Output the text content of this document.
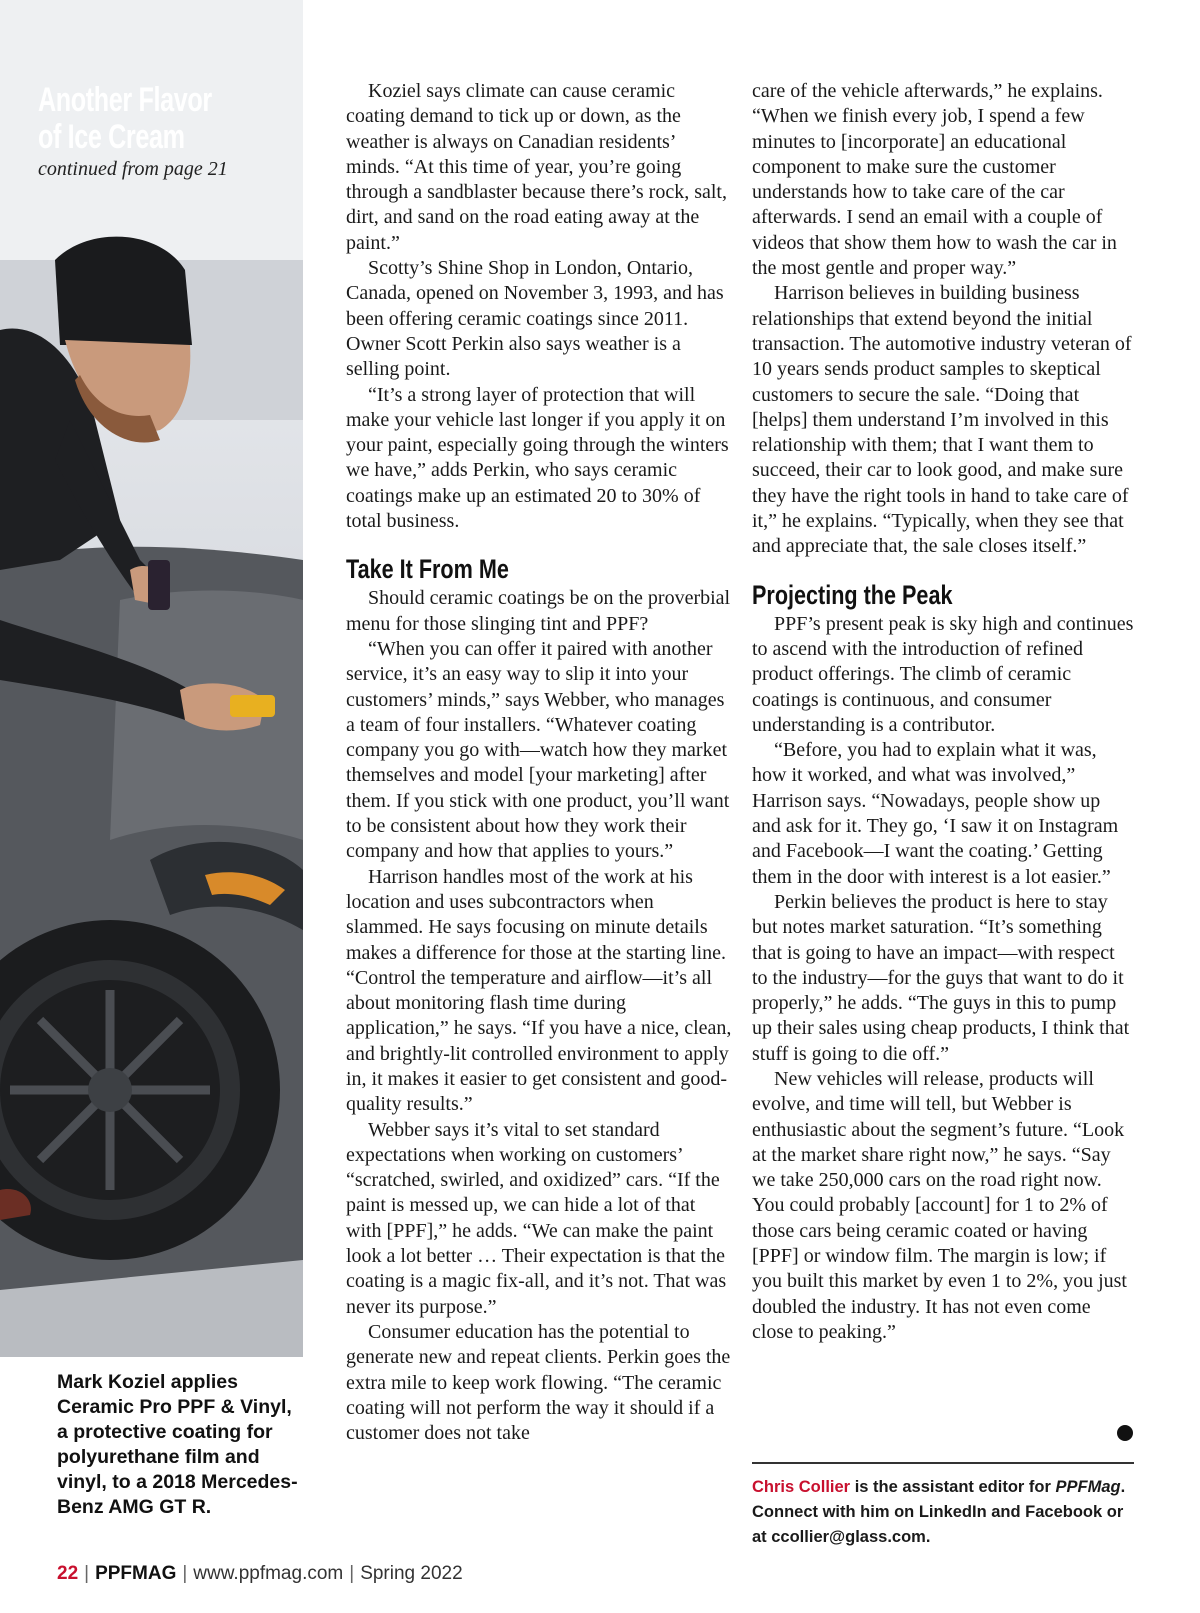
Another Flavor
of Ice Cream
continued from page 21
Mark Koziel applies Ceramic Pro PPF & Vinyl, a protective coating for polyurethane film and vinyl, to a 2018 Mercedes-Benz AMG GT R.

Koziel says climate can cause ceramic coating demand to tick up or down, as the weather is always on Canadian residents’ minds. “At this time of year, you’re going through a sandblaster because there’s rock, salt, dirt, and sand on the road eating away at the paint.”

Scotty’s Shine Shop in London, Ontario, Canada, opened on November 3, 1993, and has been offering ceramic coatings since 2011. Owner Scott Perkin also says weather is a selling point.

“It’s a strong layer of protection that will make your vehicle last longer if you apply it on your paint, especially going through the winters we have,” adds Perkin, who says ceramic coatings make up an estimated 20 to 30% of total business.

Take It From Me

Should ceramic coatings be on the proverbial menu for those slinging tint and PPF?

“When you can offer it paired with another service, it’s an easy way to slip it into your customers’ minds,” says Webber, who manages a team of four installers. “Whatever coating company you go with—watch how they market themselves and model [your marketing] after them. If you stick with one product, you’ll want to be consistent about how they work their company and how that applies to yours.”

Harrison handles most of the work at his location and uses subcontractors when slammed. He says focusing on minute details makes a difference for those at the starting line. “Control the temperature and airflow—it’s all about monitoring flash time during application,” he says. “If you have a nice, clean, and brightly-lit controlled environment to apply in, it makes it easier to get consistent and good-quality results.”

Webber says it’s vital to set standard expectations when working on customers’ “scratched, swirled, and oxidized” cars. “If the paint is messed up, we can hide a lot of that with [PPF],” he adds. “We can make the paint look a lot better … Their expectation is that the coating is a magic fix-all, and it’s not. That was never its purpose.”

Consumer education has the potential to generate new and repeat clients. Perkin goes the extra mile to keep work flowing. “The ceramic coating will not perform the way it should if a customer does not take

care of the vehicle afterwards,” he explains. “When we finish every job, I spend a few minutes to [incorporate] an educational component to make sure the customer understands how to take care of the car afterwards. I send an email with a couple of videos that show them how to wash the car in the most gentle and proper way.”

Harrison believes in building business relationships that extend beyond the initial transaction. The automotive industry veteran of 10 years sends product samples to skeptical customers to secure the sale. “Doing that [helps] them understand I’m involved in this relationship with them; that I want them to succeed, their car to look good, and make sure they have the right tools in hand to take care of it,” he explains. “Typically, when they see that and appreciate that, the sale closes itself.”

Projecting the Peak

PPF’s present peak is sky high and continues to ascend with the introduction of refined product offerings. The climb of ceramic coatings is continuous, and consumer understanding is a contributor.

“Before, you had to explain what it was, how it worked, and what was involved,” Harrison says. “Nowadays, people show up and ask for it. They go, ‘I saw it on Instagram and Facebook—I want the coating.’ Getting them in the door with interest is a lot easier.”

Perkin believes the product is here to stay but notes market saturation. “It’s something that is going to have an impact—with respect to the industry—for the guys that want to do it properly,” he adds. “The guys in this to pump up their sales using cheap products, I think that stuff is going to die off.”

New vehicles will release, products will evolve, and time will tell, but Webber is enthusiastic about the segment’s future. “Look at the market share right now,” he says. “Say we take 250,000 cars on the road right now. You could probably [account] for 1 to 2% of those cars being ceramic coated or having [PPF] or window film. The margin is low; if you built this market by even 1 to 2%, you just doubled the industry. It has not even come close to peaking.”

Chris Collier is the assistant editor for PPFMag. Connect with him on LinkedIn and Facebook or at ccollier@glass.com.
22 | PPFMAG | www.ppfmag.com | Spring 2022
